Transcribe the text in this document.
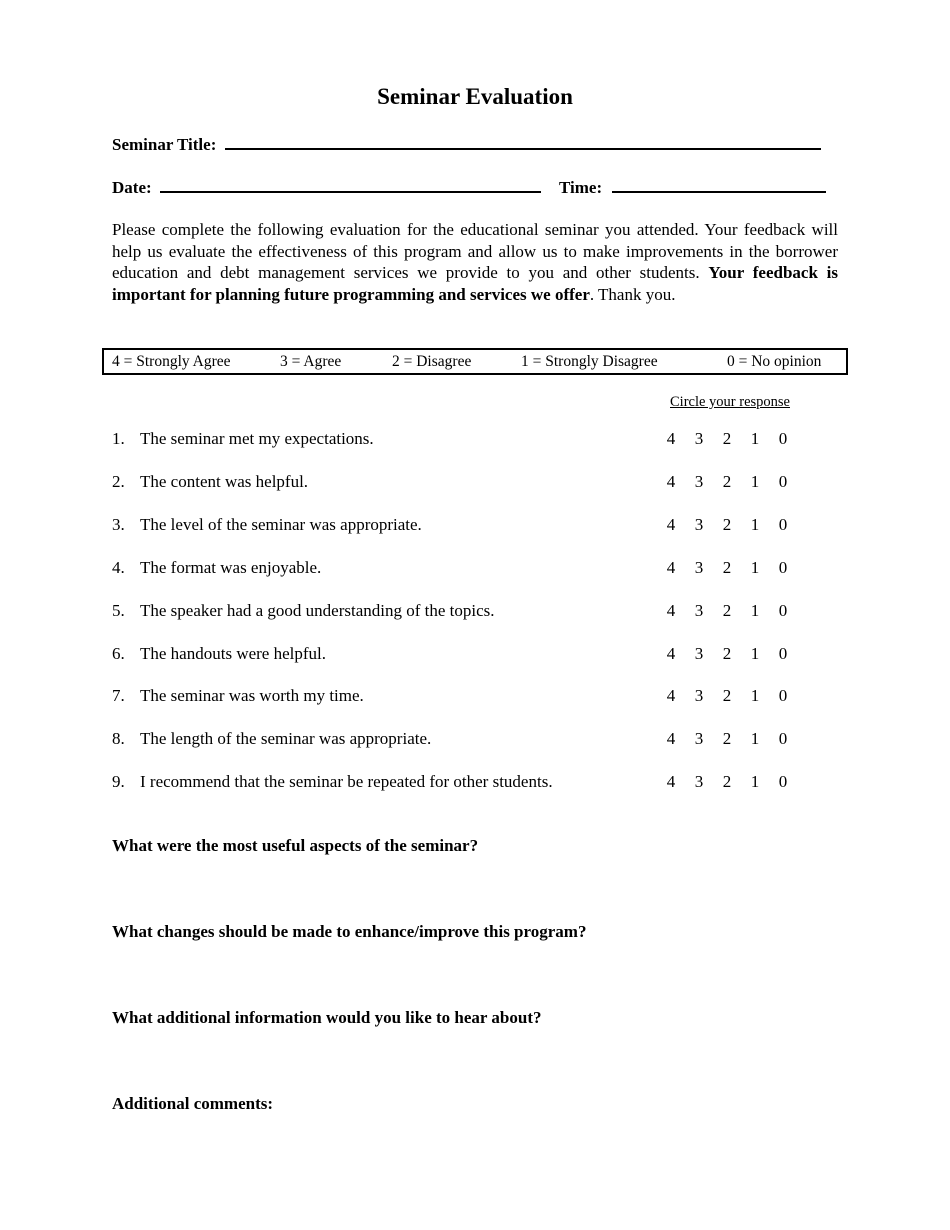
Seminar Evaluation
Seminar Title:
Date:	Time:
Please complete the following evaluation for the educational seminar you attended. Your feedback will help us evaluate the effectiveness of this program and allow us to make improvements in the borrower education and debt management services we provide to you and other students. Your feedback is important for planning future programming and services we offer. Thank you.
4 = Strongly Agree	3 = Agree	2 = Disagree	1 = Strongly Disagree	0 = No opinion
Circle your response
1. The seminar met my expectations.	4 3 2 1 0
2. The content was helpful.	4 3 2 1 0
3. The level of the seminar was appropriate.	4 3 2 1 0
4. The format was enjoyable.	4 3 2 1 0
5. The speaker had a good understanding of the topics.	4 3 2 1 0
6. The handouts were helpful.	4 3 2 1 0
7. The seminar was worth my time.	4 3 2 1 0
8. The length of the seminar was appropriate.	4 3 2 1 0
9. I recommend that the seminar be repeated for other students.	4 3 2 1 0
What were the most useful aspects of the seminar?
What changes should be made to enhance/improve this program?
What additional information would you like to hear about?
Additional comments:
